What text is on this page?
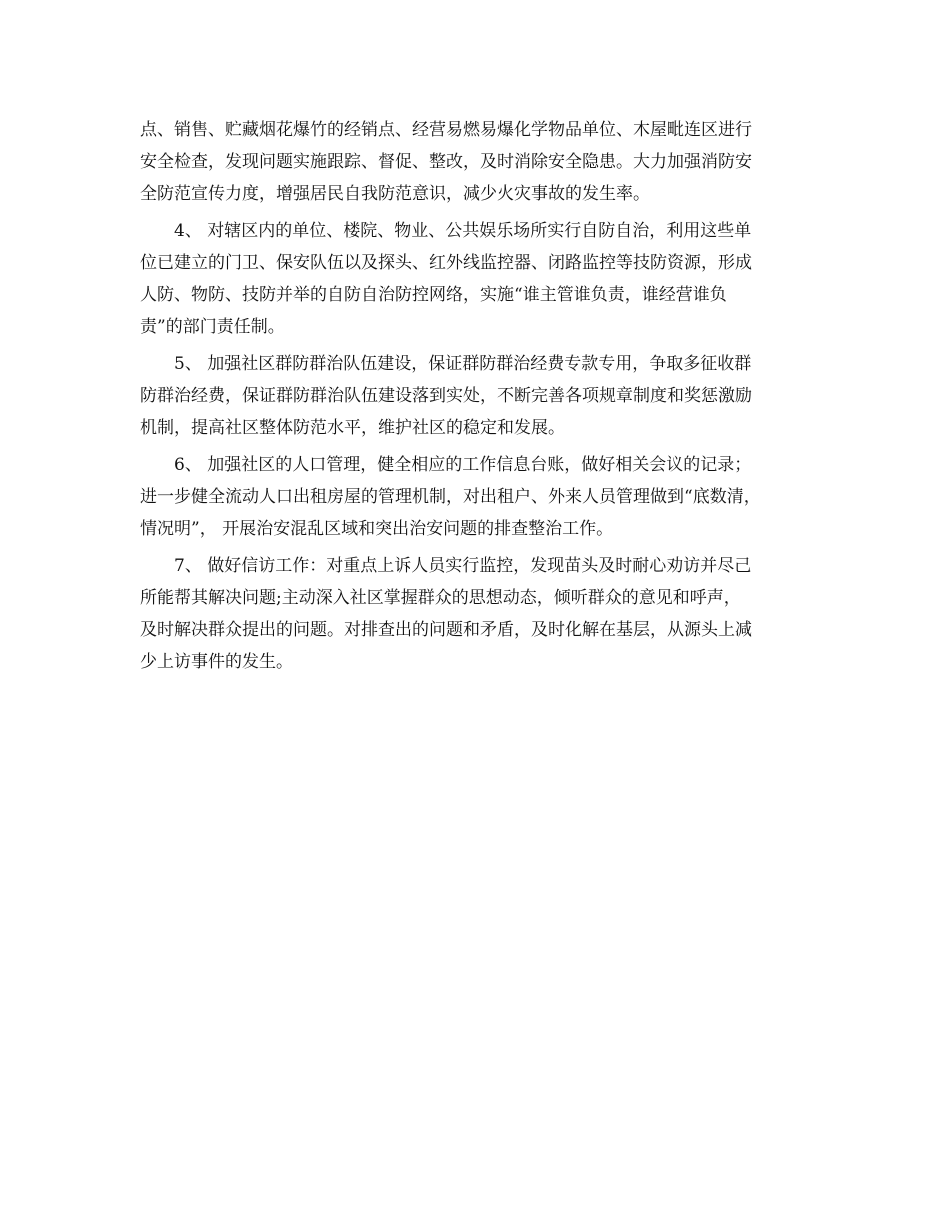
点、销售、贮藏烟花爆竹的经销点、经营易燃易爆化学物品单位、木屋毗连区进行
安全检查，发现问题实施跟踪、督促、整改，及时消除安全隐患。大力加强消防安
全防范宣传力度，增强居民自我防范意识，减少火灾事故的发生率。
4、 对辖区内的单位、楼院、物业、公共娱乐场所实行自防自治，利用这些单
位已建立的门卫、保安队伍以及探头、红外线监控器、闭路监控等技防资源，形成
人防、物防、技防并举的自防自治防控网络，实施“谁主管谁负责，谁经营谁负
责”的部门责任制。
5、 加强社区群防群治队伍建设，保证群防群治经费专款专用，争取多征收群
防群治经费，保证群防群治队伍建设落到实处，不断完善各项规章制度和奖惩激励
机制，提高社区整体防范水平，维护社区的稳定和发展。
6、 加强社区的人口管理，健全相应的工作信息台账，做好相关会议的记录；
进一步健全流动人口出租房屋的管理机制，对出租户、外来人员管理做到“底数清，
情况明”， 开展治安混乱区域和突出治安问题的排查整治工作。
7、 做好信访工作：对重点上诉人员实行监控，发现苗头及时耐心劝访并尽己
所能帮其解决问题;主动深入社区掌握群众的思想动态，倾听群众的意见和呼声，
及时解决群众提出的问题。对排查出的问题和矛盾，及时化解在基层，从源头上减
少上访事件的发生。
